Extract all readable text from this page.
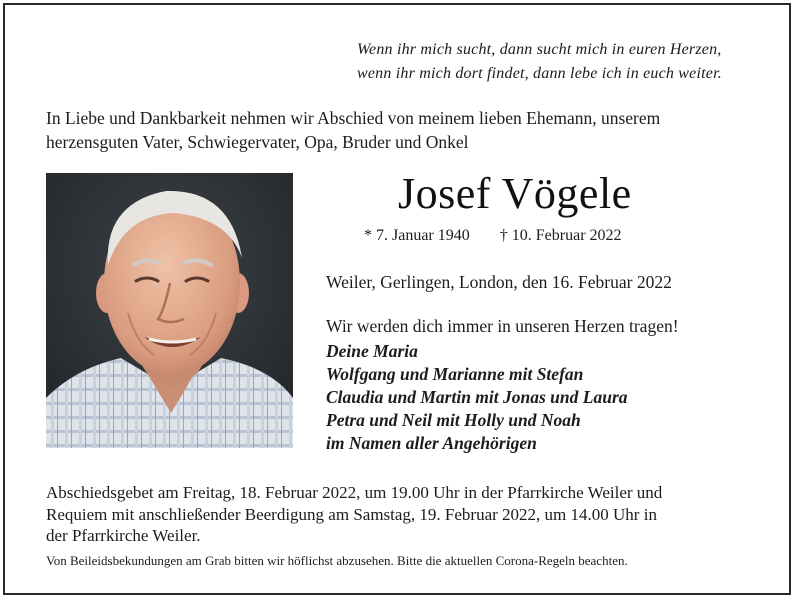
Wenn ihr mich sucht, dann sucht mich in euren Herzen,
wenn ihr mich dort findet, dann lebe ich in euch weiter.
In Liebe und Dankbarkeit nehmen wir Abschied von meinem lieben Ehemann, unserem
herzensguten Vater, Schwiegervater, Opa, Bruder und Onkel
Josef Vögele
* 7. Januar 1940 † 10. Februar 2022
Weiler, Gerlingen, London, den 16. Februar 2022
Wir werden dich immer in unseren Herzen tragen!
Deine Maria
Wolfgang und Marianne mit Stefan
Claudia und Martin mit Jonas und Laura
Petra und Neil mit Holly und Noah
im Namen aller Angehörigen
Abschiedsgebet am Freitag, 18. Februar 2022, um 19.00 Uhr in der Pfarrkirche Weiler und
Requiem mit anschließender Beerdigung am Samstag, 19. Februar 2022, um 14.00 Uhr in
der Pfarrkirche Weiler.
Von Beileidsbekundungen am Grab bitten wir höflichst abzusehen. Bitte die aktuellen Corona-Regeln beachten.
